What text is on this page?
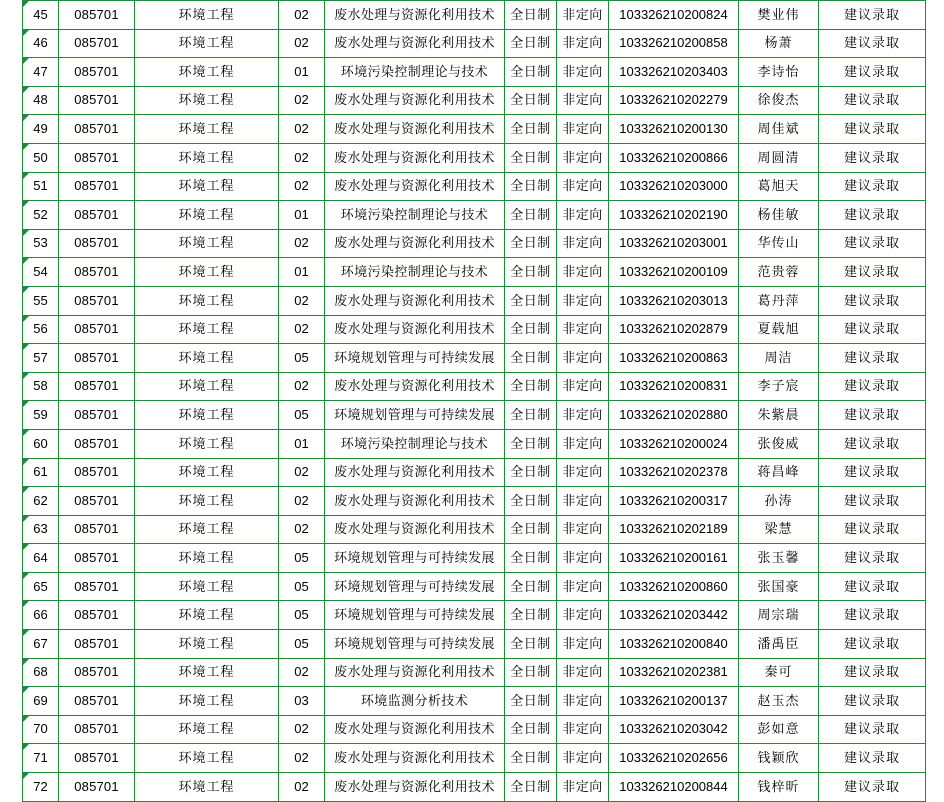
45	085701	环境工程	02	废水处理与资源化利用技术	全日制	非定向	103326210200824	樊业伟	建议录取
46	085701	环境工程	02	废水处理与资源化利用技术	全日制	非定向	103326210200858	杨萧	建议录取
47	085701	环境工程	01	环境污染控制理论与技术	全日制	非定向	103326210203403	李诗怡	建议录取
48	085701	环境工程	02	废水处理与资源化利用技术	全日制	非定向	103326210202279	徐俊杰	建议录取
49	085701	环境工程	02	废水处理与资源化利用技术	全日制	非定向	103326210200130	周佳斌	建议录取
50	085701	环境工程	02	废水处理与资源化利用技术	全日制	非定向	103326210200866	周圆清	建议录取
51	085701	环境工程	02	废水处理与资源化利用技术	全日制	非定向	103326210203000	葛旭天	建议录取
52	085701	环境工程	01	环境污染控制理论与技术	全日制	非定向	103326210202190	杨佳敏	建议录取
53	085701	环境工程	02	废水处理与资源化利用技术	全日制	非定向	103326210203001	华传山	建议录取
54	085701	环境工程	01	环境污染控制理论与技术	全日制	非定向	103326210200109	范贵蓉	建议录取
55	085701	环境工程	02	废水处理与资源化利用技术	全日制	非定向	103326210203013	葛丹萍	建议录取
56	085701	环境工程	02	废水处理与资源化利用技术	全日制	非定向	103326210202879	夏载旭	建议录取
57	085701	环境工程	05	环境规划管理与可持续发展	全日制	非定向	103326210200863	周洁	建议录取
58	085701	环境工程	02	废水处理与资源化利用技术	全日制	非定向	103326210200831	李子宸	建议录取
59	085701	环境工程	05	环境规划管理与可持续发展	全日制	非定向	103326210202880	朱紫晨	建议录取
60	085701	环境工程	01	环境污染控制理论与技术	全日制	非定向	103326210200024	张俊威	建议录取
61	085701	环境工程	02	废水处理与资源化利用技术	全日制	非定向	103326210202378	蒋昌峰	建议录取
62	085701	环境工程	02	废水处理与资源化利用技术	全日制	非定向	103326210200317	孙涛	建议录取
63	085701	环境工程	02	废水处理与资源化利用技术	全日制	非定向	103326210202189	梁慧	建议录取
64	085701	环境工程	05	环境规划管理与可持续发展	全日制	非定向	103326210200161	张玉馨	建议录取
65	085701	环境工程	05	环境规划管理与可持续发展	全日制	非定向	103326210200860	张国豪	建议录取
66	085701	环境工程	05	环境规划管理与可持续发展	全日制	非定向	103326210203442	周宗瑞	建议录取
67	085701	环境工程	05	环境规划管理与可持续发展	全日制	非定向	103326210200840	潘禹臣	建议录取
68	085701	环境工程	02	废水处理与资源化利用技术	全日制	非定向	103326210202381	秦可	建议录取
69	085701	环境工程	03	环境监测分析技术	全日制	非定向	103326210200137	赵玉杰	建议录取
70	085701	环境工程	02	废水处理与资源化利用技术	全日制	非定向	103326210203042	彭如意	建议录取
71	085701	环境工程	02	废水处理与资源化利用技术	全日制	非定向	103326210202656	钱颖欣	建议录取
72	085701	环境工程	02	废水处理与资源化利用技术	全日制	非定向	103326210200844	钱梓昕	建议录取
